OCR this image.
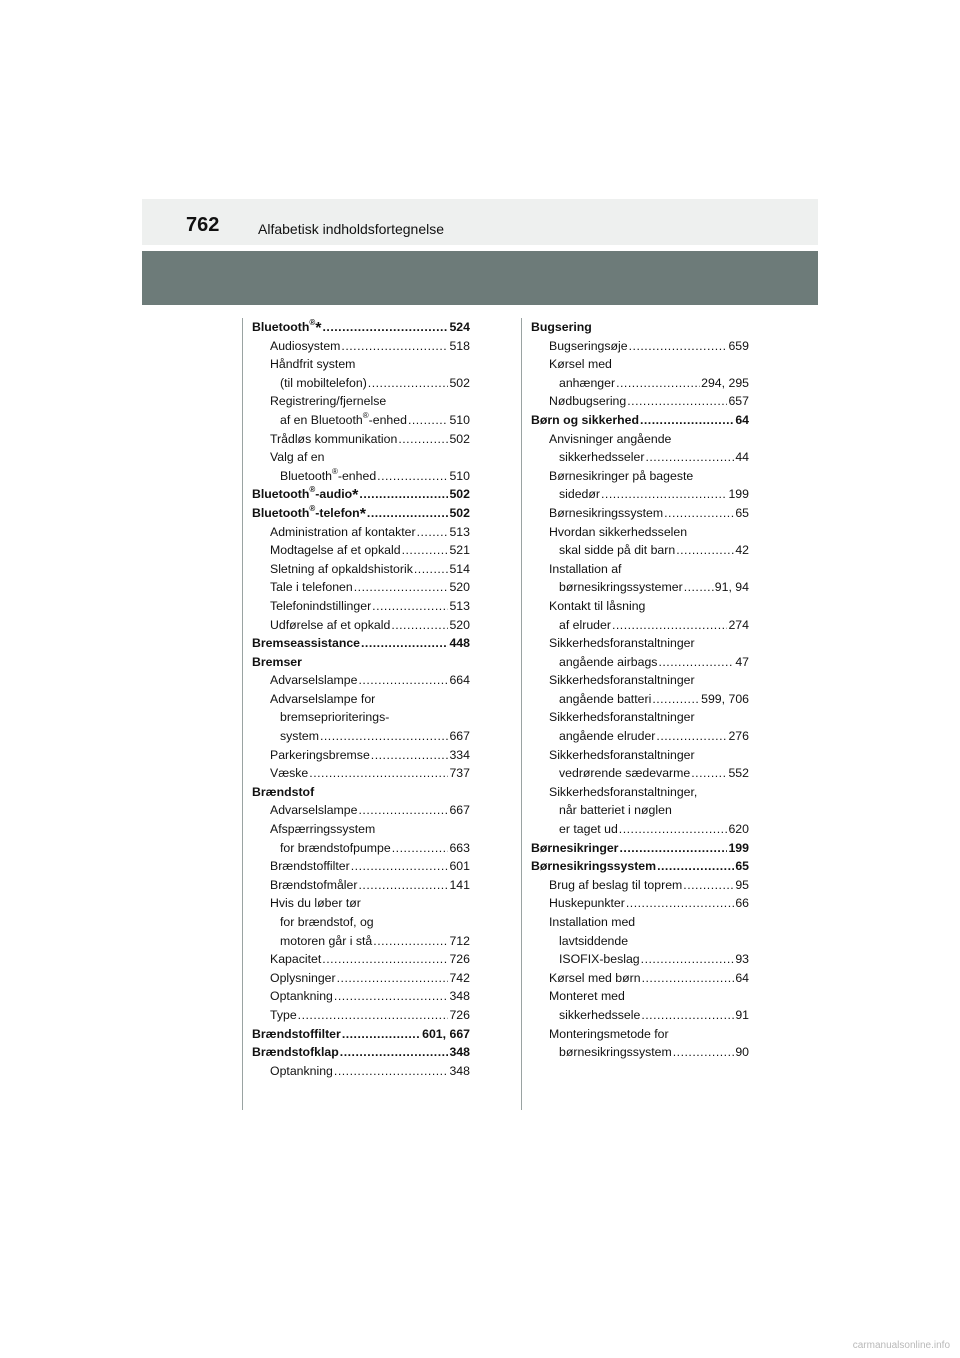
762	Alfabetisk indholdsfortegnelse
Bluetooth®* .....	524
Audiosystem .....	518
Håndfrit system
(til mobiltelefon) .....	502
Registrering/fjernelse
af en Bluetooth®-enhed .....	510
Trådløs kommunikation .....	502
Valg af en
Bluetooth®-enhed .....	510
Bluetooth®-audio* .....	502
Bluetooth®-telefon* .....	502
Administration af kontakter .....	513
Modtagelse af et opkald .....	521
Sletning af opkaldshistorik .....	514
Tale i telefonen .....	520
Telefonindstillinger .....	513
Udførelse af et opkald .....	520
Bremseassistance .....	448
Bremser
Advarselslampe .....	664
Advarselslampe for
bremseprioriterings-
system .....	667
Parkeringsbremse .....	334
Væske .....	737
Brændstof
Advarselslampe .....	667
Afspærringssystem
for brændstofpumpe .....	663
Brændstoffilter .....	601
Brændstofmåler .....	141
Hvis du løber tør
for brændstof, og
motoren går i stå .....	712
Kapacitet .....	726
Oplysninger .....	742
Optankning .....	348
Type .....	726
Brændstoffilter .....	601, 667
Brændstofklap .....	348
Optankning .....	348
Bugsering
Bugseringsøje .....	659
Kørsel med
anhænger .....	294, 295
Nødbugsering .....	657
Børn og sikkerhed .....	64
Anvisninger angående
sikkerhedsseler .....	44
Børnesikringer på bageste
sidedør .....	199
Børnesikringssystem .....	65
Hvordan sikkerhedsselen
skal sidde på dit barn .....	42
Installation af
børnesikringssystemer .....	91, 94
Kontakt til låsning
af elruder .....	274
Sikkerhedsforanstaltninger
angående airbags .....	47
Sikkerhedsforanstaltninger
angående batteri .....	599, 706
Sikkerhedsforanstaltninger
angående elruder .....	276
Sikkerhedsforanstaltninger
vedrørende sædevarme .....	552
Sikkerhedsforanstaltninger,
når batteriet i nøglen
er taget ud .....	620
Børnesikringer .....	199
Børnesikringssystem .....	65
Brug af beslag til toprem .....	95
Huskepunkter .....	66
Installation med
lavtsiddende
ISOFIX-beslag .....	93
Kørsel med børn .....	64
Monteret med
sikkerhedssele .....	91
Monteringsmetode for
børnesikringssystem .....	90
carmanualsonline.info
